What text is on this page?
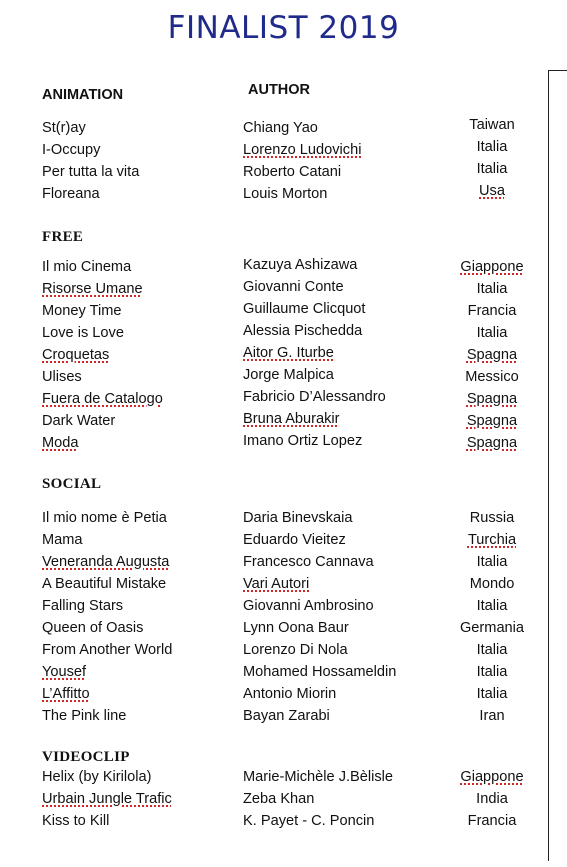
FINALIST 2019
ANIMATION	AUTHOR
St(r)ay	Chiang Yao	Taiwan
I-Occupy	Lorenzo Ludovichi	Italia
Per tutta la vita	Roberto Catani	Italia
Floreana	Louis Morton	Usa
FREE
Il mio Cinema	Kazuya Ashizawa	Giappone
Risorse Umane	Giovanni Conte	Italia
Money Time	Guillaume Clicquot	Francia
Love is Love	Alessia Pischedda	Italia
Croquetas	Aitor G. Iturbe	Spagna
Ulises	Jorge Malpica	Messico
Fuera de Catalogo	Fabricio D’Alessandro	Spagna
Dark Water	Bruna Aburakir	Spagna
Moda	Imano Ortiz Lopez	Spagna
SOCIAL
Il mio nome è Petia	Daria Binevskaia	Russia
Mama	Eduardo Vieitez	Turchia
Veneranda Augusta	Francesco Cannava	Italia
A Beautiful Mistake	Vari Autori	Mondo
Falling Stars	Giovanni Ambrosino	Italia
Queen of Oasis	Lynn Oona Baur	Germania
From Another World	Lorenzo Di Nola	Italia
Yousef	Mohamed Hossameldin	Italia
L’Affitto	Antonio Miorin	Italia
The Pink line	Bayan Zarabi	Iran
VIDEOCLIP
Helix (by Kirilola)	Marie-Michèle J.Bèlisle	Giappone
Urbain Jungle Trafic	Zeba Khan	India
Kiss to Kill	K. Payet - C. Poncin	Francia
